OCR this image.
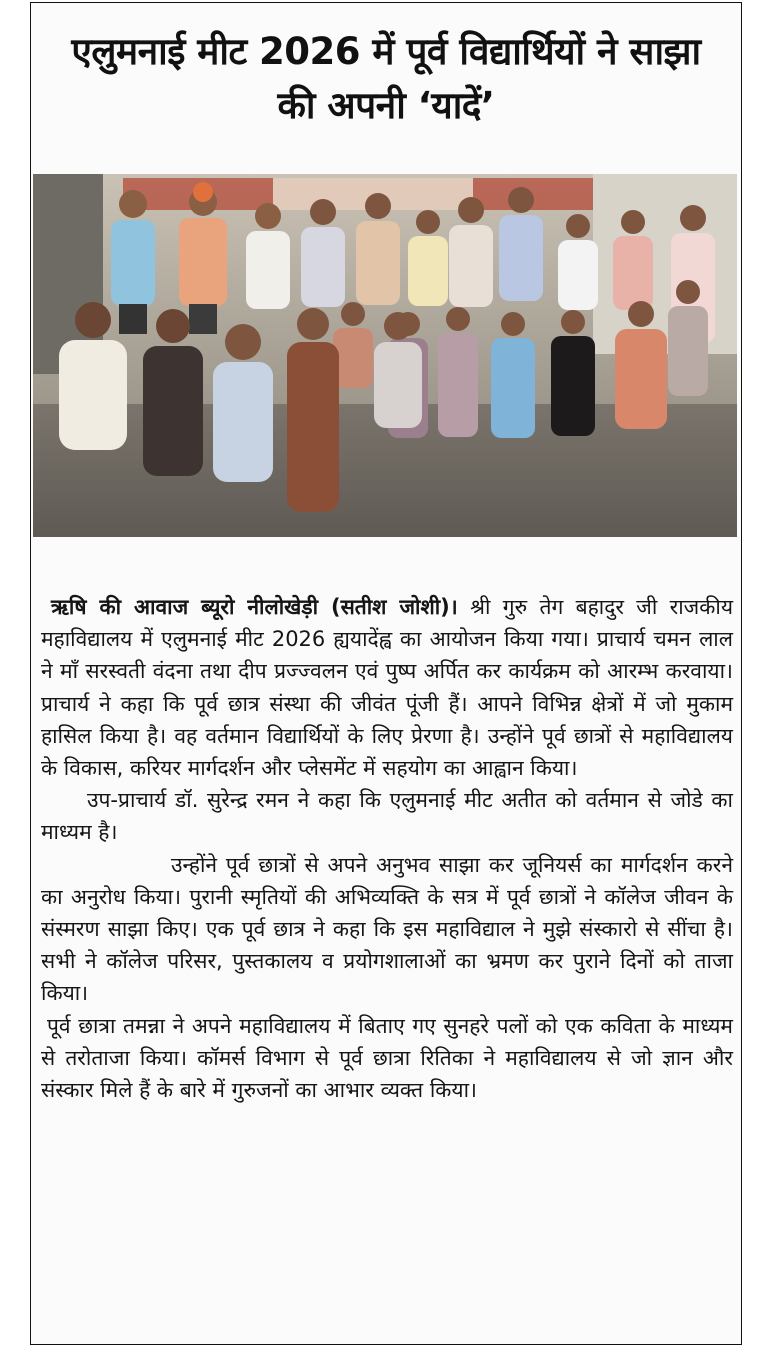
एलुमनाई मीट 2026 में पूर्व विद्यार्थियों ने साझा
की अपनी ‘यादें’

ऋषि की आवाज ब्यूरो नीलोखेड़ी (सतीश जोशी)। श्री गुरु तेग बहादुर जी राजकीय महाविद्यालय में एलुमनाई मीट 2026 ह्ययादेंह्व का आयोजन किया गया। प्राचार्य चमन लाल ने माँ सरस्वती वंदना तथा दीप प्रज्ज्वलन एवं पुष्प अर्पित कर कार्यक्रम को आरम्भ करवाया। प्राचार्य ने कहा कि पूर्व छात्र संस्था की जीवंत पूंजी हैं। आपने विभिन्न क्षेत्रों में जो मुकाम हासिल किया है। वह वर्तमान विद्यार्थियों के लिए प्रेरणा है। उन्होंने पूर्व छात्रों से महाविद्यालय के विकास, करियर मार्गदर्शन और प्लेसमेंट में सहयोग का आह्वान किया।

उप-प्राचार्य डॉ. सुरेन्द्र रमन ने कहा कि एलुमनाई मीट अतीत को वर्तमान से जोडे का माध्यम है।

उन्होंने पूर्व छात्रों से अपने अनुभव साझा कर जूनियर्स का मार्गदर्शन करने का अनुरोध किया। पुरानी स्मृतियों की अभिव्यक्ति के सत्र में पूर्व छात्रों ने कॉलेज जीवन के संस्मरण साझा किए। एक पूर्व छात्र ने कहा कि इस महाविद्याल ने मुझे संस्कारो से सींचा है। सभी ने कॉलेज परिसर, पुस्तकालय व प्रयोगशालाओं का भ्रमण कर पुराने दिनों को ताजा किया।

पूर्व छात्रा तमन्ना ने अपने महाविद्यालय में बिताए गए सुनहरे पलों को एक कविता के माध्यम से तरोताजा किया। कॉमर्स विभाग से पूर्व छात्रा रितिका ने महाविद्यालय से जो ज्ञान और संस्कार मिले हैं के बारे में गुरुजनों का आभार व्यक्त किया।
